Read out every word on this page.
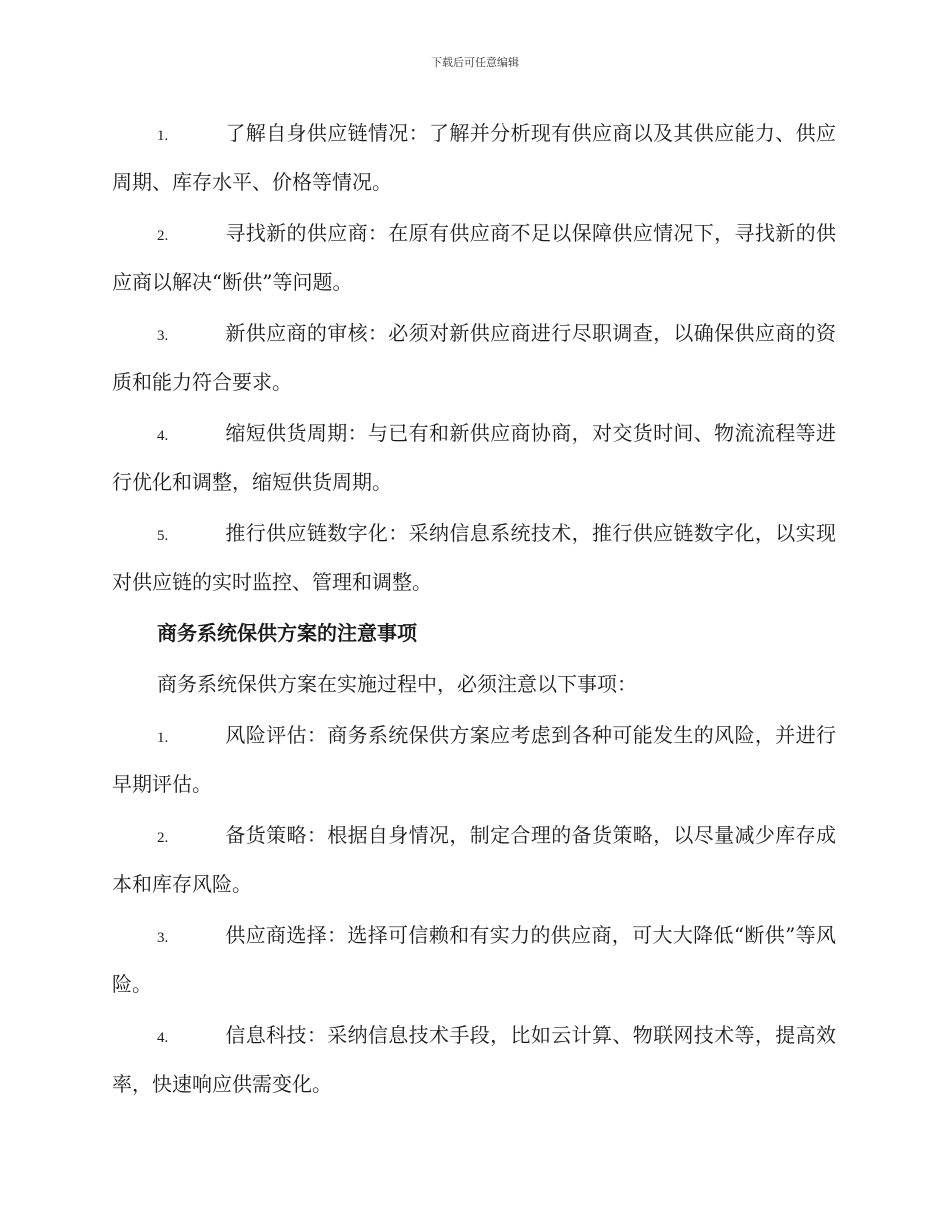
下载后可任意编辑
1.	了解自身供应链情况：了解并分析现有供应商以及其供应能力、供应周期、库存水平、价格等情况。
2.	寻找新的供应商：在原有供应商不足以保障供应情况下，寻找新的供应商以解决“断供”等问题。
3.	新供应商的审核：必须对新供应商进行尽职调查，以确保供应商的资质和能力符合要求。
4.	缩短供货周期：与已有和新供应商协商，对交货时间、物流流程等进行优化和调整，缩短供货周期。
5.	推行供应链数字化：采纳信息系统技术，推行供应链数字化，以实现对供应链的实时监控、管理和调整。
商务系统保供方案的注意事项
商务系统保供方案在实施过程中，必须注意以下事项：
1.	风险评估：商务系统保供方案应考虑到各种可能发生的风险，并进行早期评估。
2.	备货策略：根据自身情况，制定合理的备货策略，以尽量减少库存成本和库存风险。
3.	供应商选择：选择可信赖和有实力的供应商，可大大降低“断供”等风险。
4.	信息科技：采纳信息技术手段，比如云计算、物联网技术等，提高效率，快速响应供需变化。
